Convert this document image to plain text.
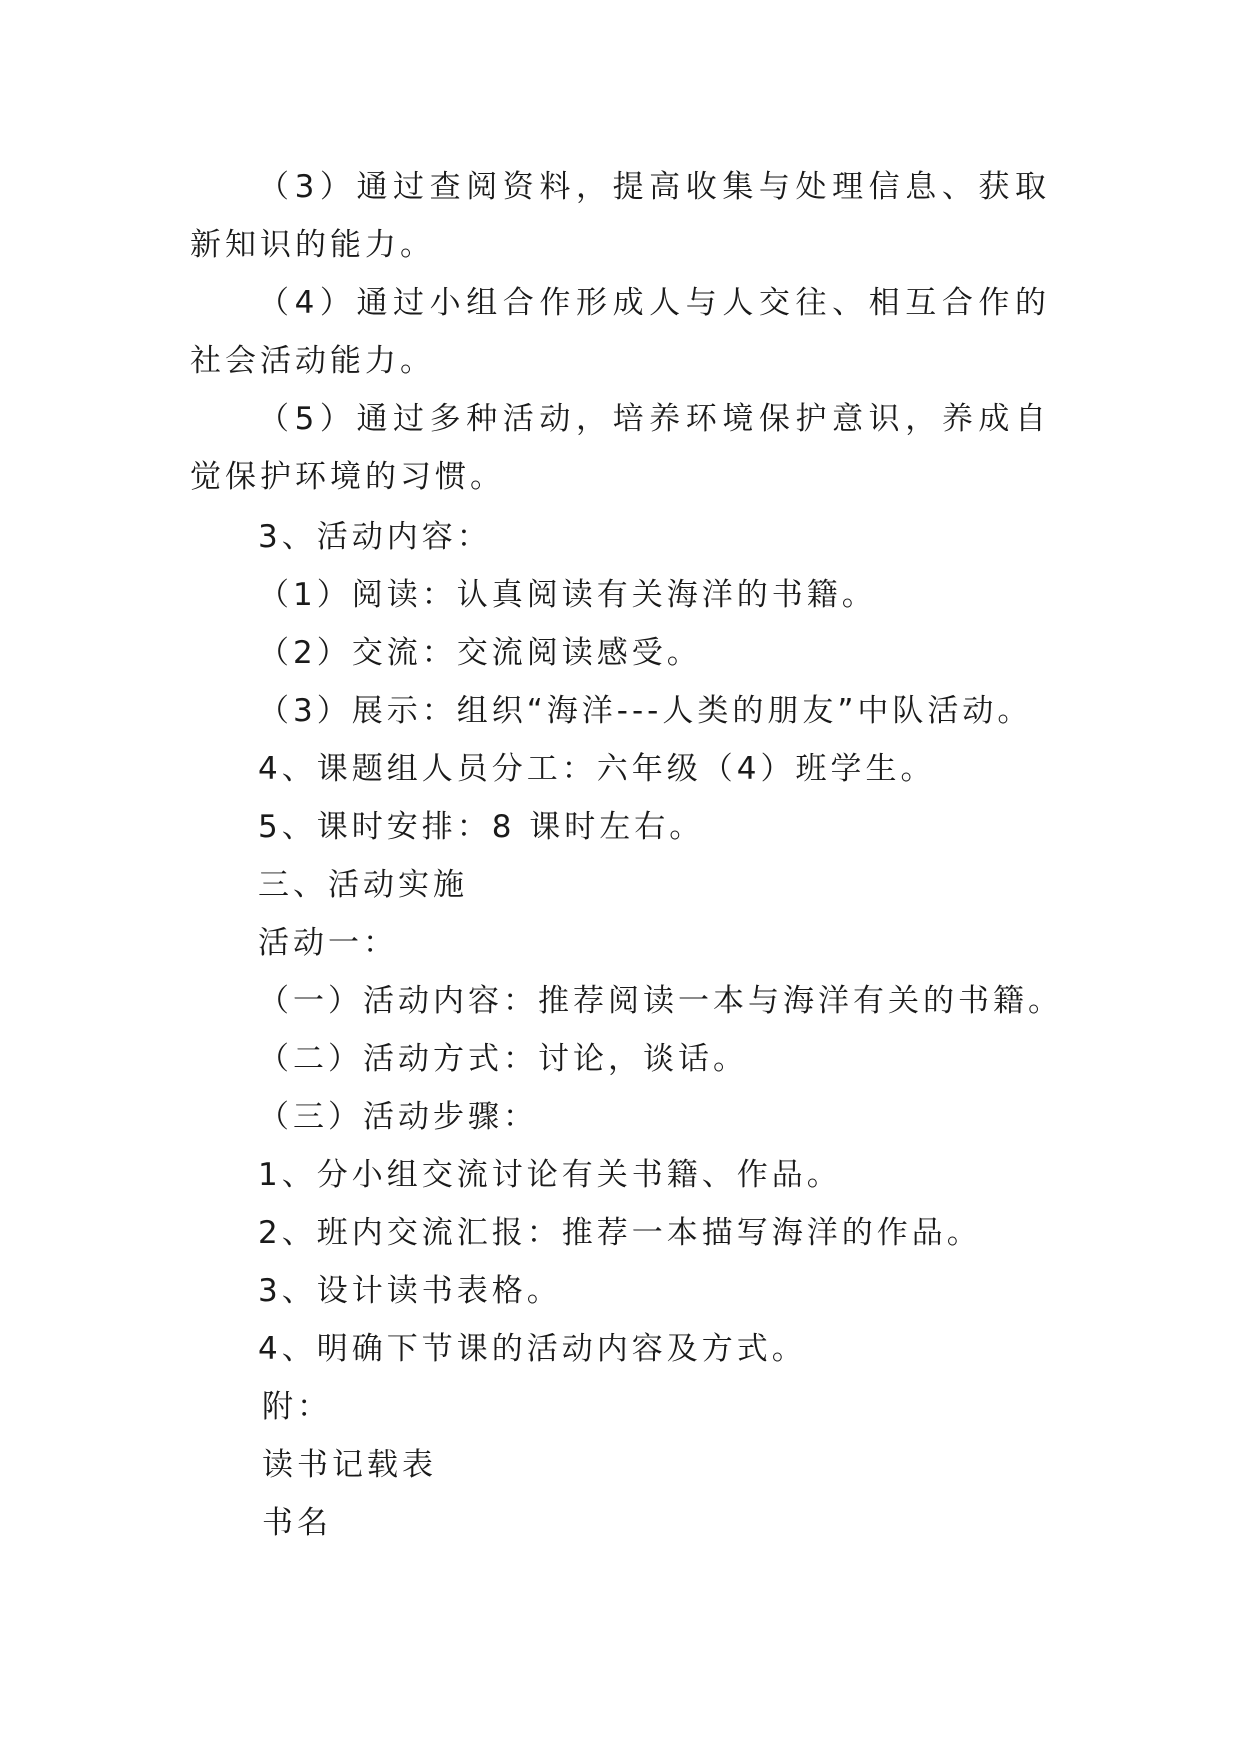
（3）通过查阅资料，提高收集与处理信息、获取新知识的能力。

（4）通过小组合作形成人与人交往、相互合作的社会活动能力。

（5）通过多种活动，培养环境保护意识，养成自觉保护环境的习惯。

3、活动内容：

（1）阅读：认真阅读有关海洋的书籍。

（2）交流：交流阅读感受。

（3）展示：组织“海洋---人类的朋友”中队活动。

4、课题组人员分工：六年级（4）班学生。

5、课时安排：8 课时左右。

三、活动实施

活动一：

（一）活动内容：推荐阅读一本与海洋有关的书籍。

（二）活动方式：讨论，谈话。

（三）活动步骤：

1、分小组交流讨论有关书籍、作品。

2、班内交流汇报：推荐一本描写海洋的作品。

3、设计读书表格。

4、明确下节课的活动内容及方式。

附：

读书记载表

书名
